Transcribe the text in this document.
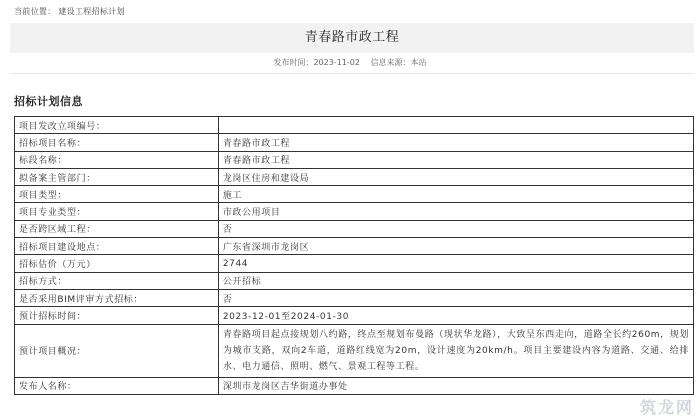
当前位置： 建设工程招标计划
青春路市政工程
发布时间：2023-11-02 信息来源：本站
招标计划信息
项目发改立项编号：	
招标项目名称：	青春路市政工程
标段名称：	青春路市政工程
拟备案主管部门：	龙岗区住房和建设局
项目类型：	施工
项目专业类型：	市政公用项目
是否跨区域工程：	否
招标项目建设地点：	广东省深圳市龙岗区
招标估价（万元）	2744
招标方式：	公开招标
是否采用BIM评审方式招标：	否
预计招标时间：	2023-12-01至2024-01-30
预计项目概况：	青春路项目起点接规划八约路，终点至规划布曼路（现状华龙路），大致呈东西走向，道路全长约260m，规划为城市支路，双向2车道，道路红线宽为20m，设计速度为20km/h。项目主要建设内容为道路、交通、给排水、电力通信、照明、燃气、景观工程等工程。
发布人名称：	深圳市龙岗区吉华街道办事处
筑龙网
